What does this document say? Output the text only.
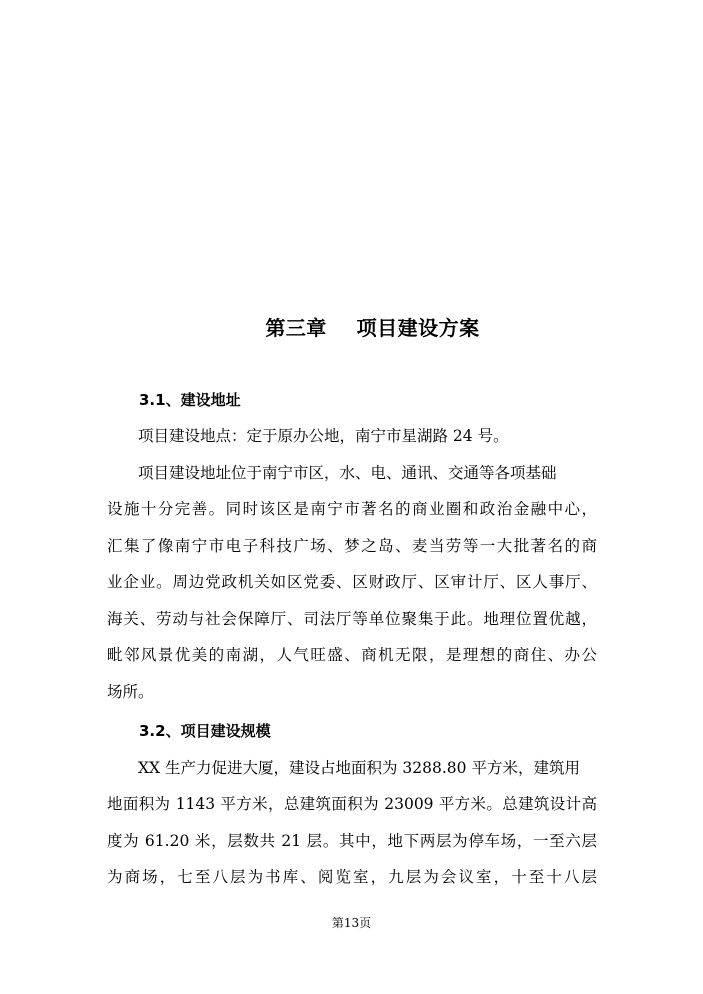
第三章    项目建设方案
3.1、建设地址
项目建设地点：定于原办公地，南宁市星湖路 24 号。
项目建设地址位于南宁市区，水、电、通讯、交通等各项基础
设施十分完善。同时该区是南宁市著名的商业圈和政治金融中心，
汇集了像南宁市电子科技广场、梦之岛、麦当劳等一大批著名的商
业企业。周边党政机关如区党委、区财政厅、区审计厅、区人事厅、
海关、劳动与社会保障厅、司法厅等单位聚集于此。地理位置优越，
毗邻风景优美的南湖，人气旺盛、商机无限，是理想的商住、办公
场所。
3.2、项目建设规模
XX 生产力促进大厦，建设占地面积为 3288.80 平方米，建筑用
地面积为 1143 平方米，总建筑面积为 23009 平方米。总建筑设计高
度为 61.20 米，层数共 21 层。其中，地下两层为停车场，一至六层
为商场，七至八层为书库、阅览室，九层为会议室，十至十八层
第13页
